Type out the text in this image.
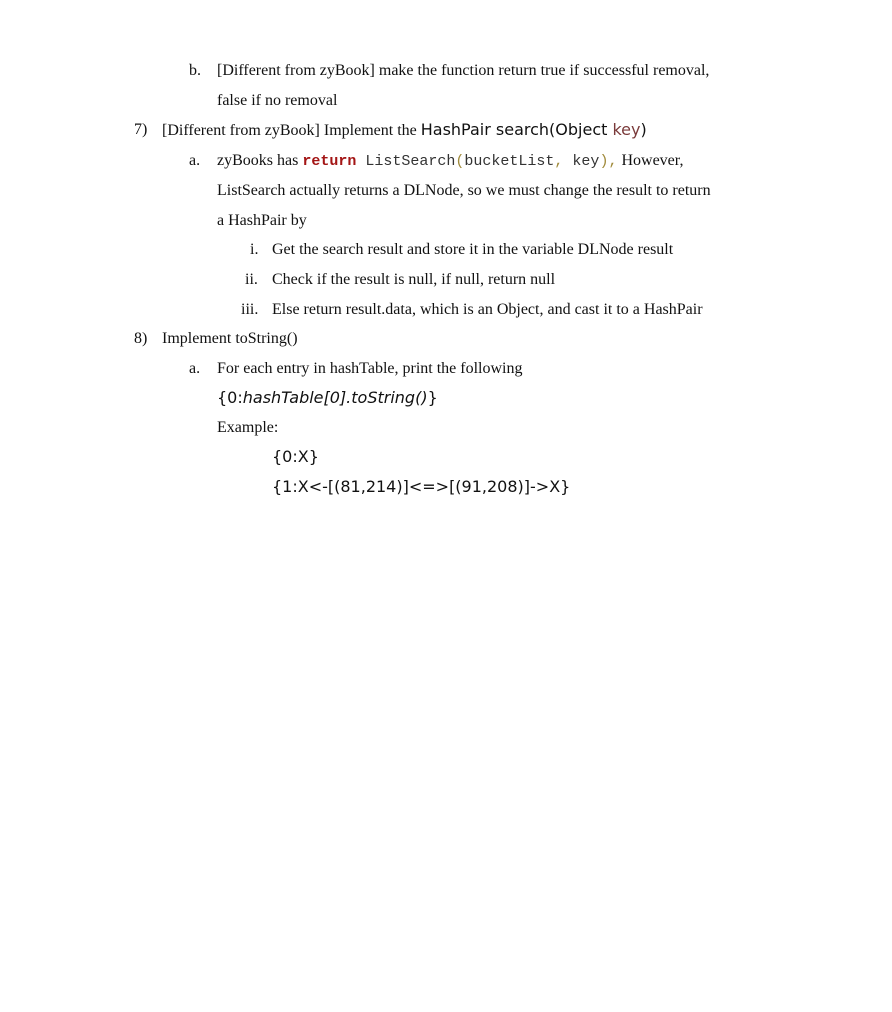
b. [Different from zyBook] make the function return true if successful removal,
false if no removal
7) [Different from zyBook] Implement the HashPair search(Object key)
a. zyBooks has return ListSearch(bucketList, key), However,
ListSearch actually returns a DLNode, so we must change the result to return
a HashPair by
i. Get the search result and store it in the variable DLNode result
ii. Check if the result is null, if null, return null
iii. Else return result.data, which is an Object, and cast it to a HashPair
8) Implement toString()
a. For each entry in hashTable, print the following
{0:hashTable[0].toString()}
Example:
{0:X}
{1:X<-[(81,214)]<=>[(91,208)]->X}
